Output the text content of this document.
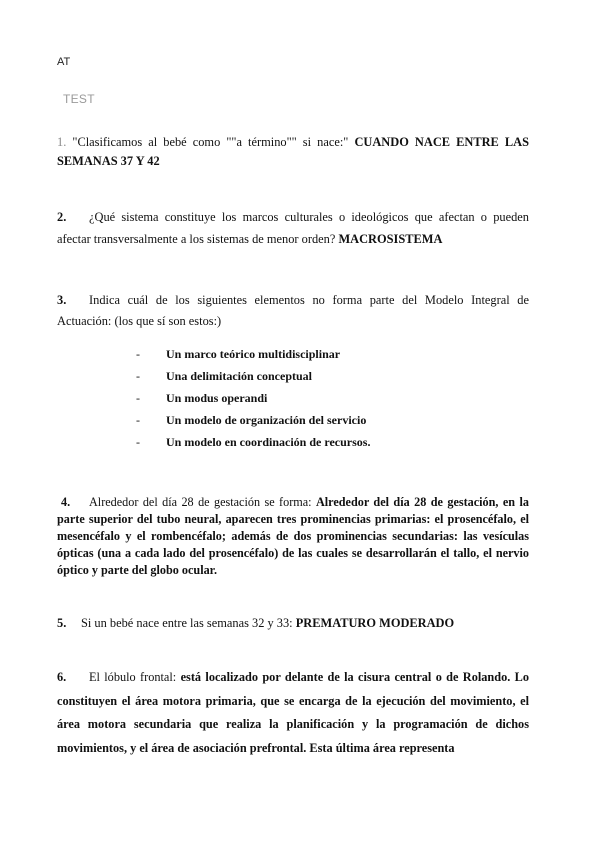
AT
TEST
1. "Clasificamos al bebé como ""a término"" si nace:" CUANDO NACE ENTRE LAS SEMANAS 37 Y 42
2. ¿Qué sistema constituye los marcos culturales o ideológicos que afectan o pueden afectar transversalmente a los sistemas de menor orden? MACROSISTEMA
3. Indica cuál de los siguientes elementos no forma parte del Modelo Integral de Actuación: (los que sí son estos:)
-	Un marco teórico multidisciplinar
-	Una delimitación conceptual
-	Un modus operandi
-	Un modelo de organización del servicio
-	Un modelo en coordinación de recursos.
4. Alrededor del día 28 de gestación se forma: Alrededor del día 28 de gestación, en la parte superior del tubo neural, aparecen tres prominencias primarias: el prosencéfalo, el mesencéfalo y el rombencéfalo; además de dos prominencias secundarias: las vesículas ópticas (una a cada lado del prosencéfalo) de las cuales se desarrollarán el tallo, el nervio óptico y parte del globo ocular.
5. Si un bebé nace entre las semanas 32 y 33: PREMATURO MODERADO
6. El lóbulo frontal: está localizado por delante de la cisura central o de Rolando. Lo constituyen el área motora primaria, que se encarga de la ejecución del movimiento, el área motora secundaria que realiza la planificación y la programación de dichos movimientos, y el área de asociación prefrontal. Esta última área representa
